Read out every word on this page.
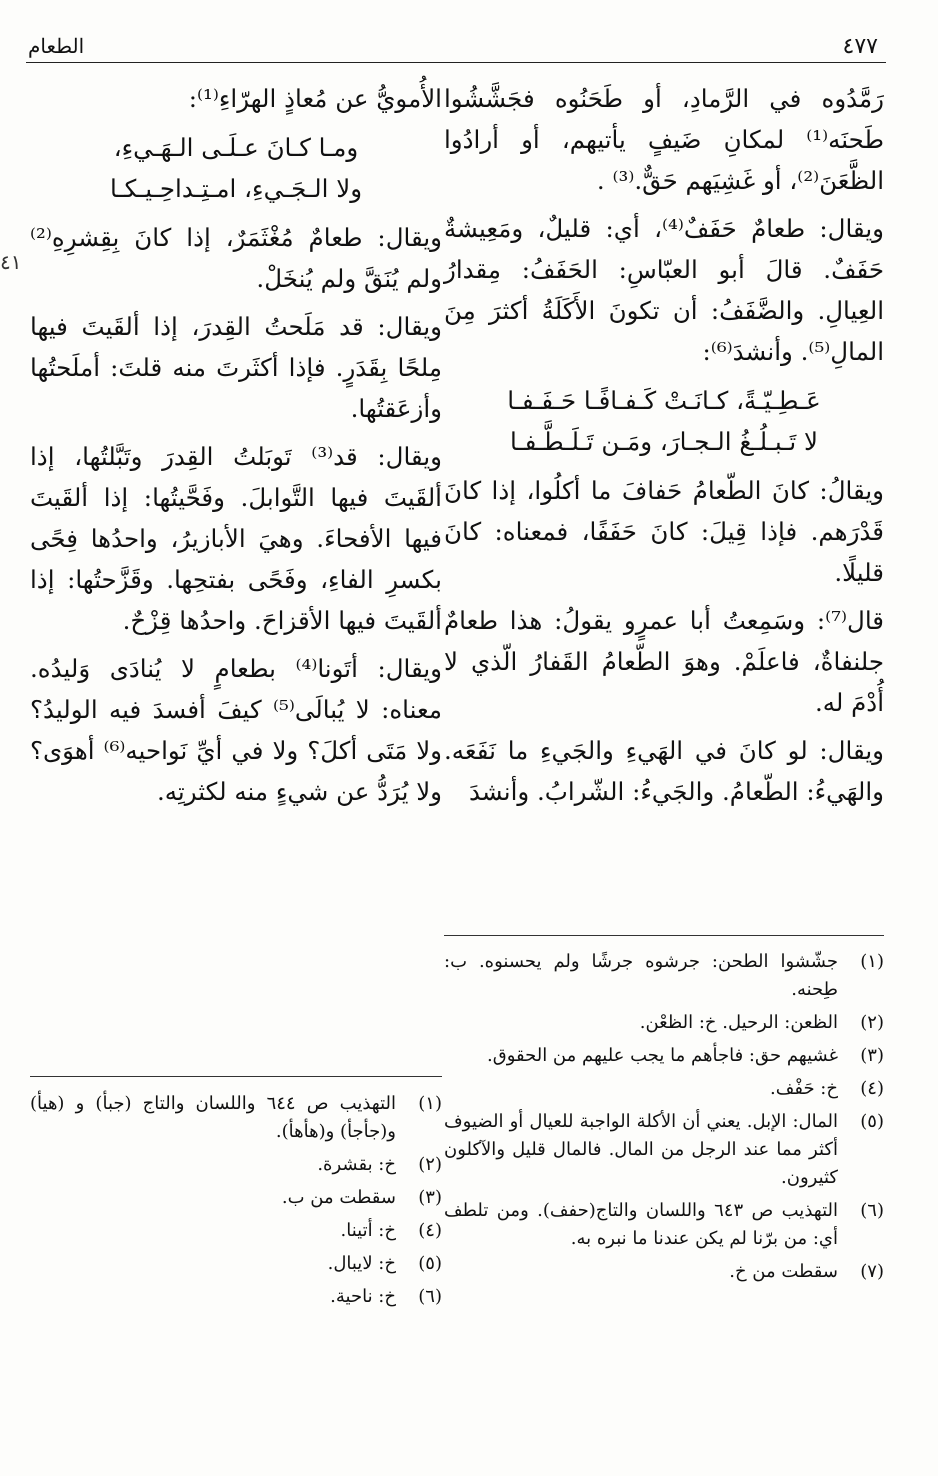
٤٧٧
الطعام

رَمَّدُوه في الرَّمادِ، أو طَحَنُوه فجَشَّشُوا طَحنَه⁽¹⁾ لمكانِ ضَيفٍ يأتيهم، أو أرادُوا الظَّعَنَ⁽²⁾، أو غَشِيَهم حَقٌّ.⁽³⁾ .

ويقال: طعامٌ حَفَفٌ⁽⁴⁾، أي: قليلٌ، ومَعِيشةٌ حَفَفٌ. قالَ أبو العبّاسِ: الحَفَفُ: مِقدارُ العِيالِ. والضَّفَفُ: أن تكونَ الأَكَلَةُ أكثرَ مِنَ المالِ⁽⁵⁾. وأنشدَ⁽⁶⁾:

عَـطِـيّـةً، كـانَـتْ كَـفـافًـا حَـفَـفـا
لا تَـبـلُـغُ الـجـارَ، ومَـن تَـلَـطَّـفـا

ويقالُ: كانَ الطّعامُ حَفافَ ما أكلُوا، إذا كانَ قَدْرَهم. فإذا قِيلَ: كانَ حَفَفًا، فمعناه: كانَ قليلًا.

قال⁽⁷⁾: وسَمِعتُ أبا عمرٍو يقولُ: هذا طعامٌ جلنفاةٌ، فاعلَمْ. وهوَ الطّعامُ القَفارُ الّذي لا أُدْمَ له.

ويقال: لو كانَ في الهَيءِ والجَيءِ ما نَفَعَه. والهَيءُ: الطّعامُ. والجَيءُ: الشّرابُ. وأنشدَ

الأُمويُّ عن مُعاذٍ الهرّاءِ⁽¹⁾:

ومـا كـانَ عـلَـى الـهَـيءِ،
ولا الـجَـيءِ، امـتِـداحِـيـكـا

ويقال: طعامٌ مُغْثَمَرٌ، إذا كانَ بِقِشرِهِ⁽²⁾ ولم يُنَقَّ ولم يُنخَلْ.

ويقال: قد مَلَحتُ القِدرَ، إذا ألقَيتَ فيها مِلحًا بِقَدَرٍ. فإذا أكثَرتَ منه قلتَ: أملَحتُها وأزعَقتُها.

ويقال: قد⁽³⁾ تَوبَلتُ القِدرَ وتَبَّلتُها، إذا ألقَيتَ فيها التَّوابلَ. وفَحَّيتُها: إذا ألقَيتَ فيها الأفحاءَ. وهيَ الأبازيرُ، واحدُها فِحًى بكسرِ الفاءِ، وفَحًى بفتحِها. وقَزَّحتُها: إذا ألقَيتَ فيها الأقزاحَ. واحدُها قِزْحٌ.

ويقال: أتَونا⁽⁴⁾ بطعامٍ لا يُنادَى وَليدُه. معناه: لا يُبالَى⁽⁵⁾ كيفَ أفسدَ فيه الوليدُ؟ ولا مَتَى أكلَ؟ ولا في أيِّ نَواحيه⁽⁶⁾ أهوَى؟ ولا يُرَدُّ عن شيءٍ منه لكثرتِه.

٤١
(١)
جشّشوا الطحن: جرشوه جرشًا ولم يحسنوه. ب: طِحنه.
(٢)
الظعن: الرحيل. خ: الظعْن.
(٣)
غشيهم حق: فاجأهم ما يجب عليهم من الحقوق.
(٤)
خ: حَفْف.
(٥)
المال: الإبل. يعني أن الأكلة الواجبة للعيال أو الضيوف أكثر مما عند الرجل من المال. فالمال قليل والآكلون كثيرون.
(٦)
التهذيب ص ٦٤٣ واللسان والتاج(حفف). ومن تلطف أي: من برّنا لم يكن عندنا ما نبره به.
(٧)
سقطت من خ.
(١)
التهذيب ص ٦٤٤ واللسان والتاج (جبأ) و (هيأ) و(جأجأ) و(هأهأ).
(٢)
خ: بقشرة.
(٣)
سقطت من ب.
(٤)
خ: أتينا.
(٥)
خ: لايبال.
(٦)
خ: ناحية.
